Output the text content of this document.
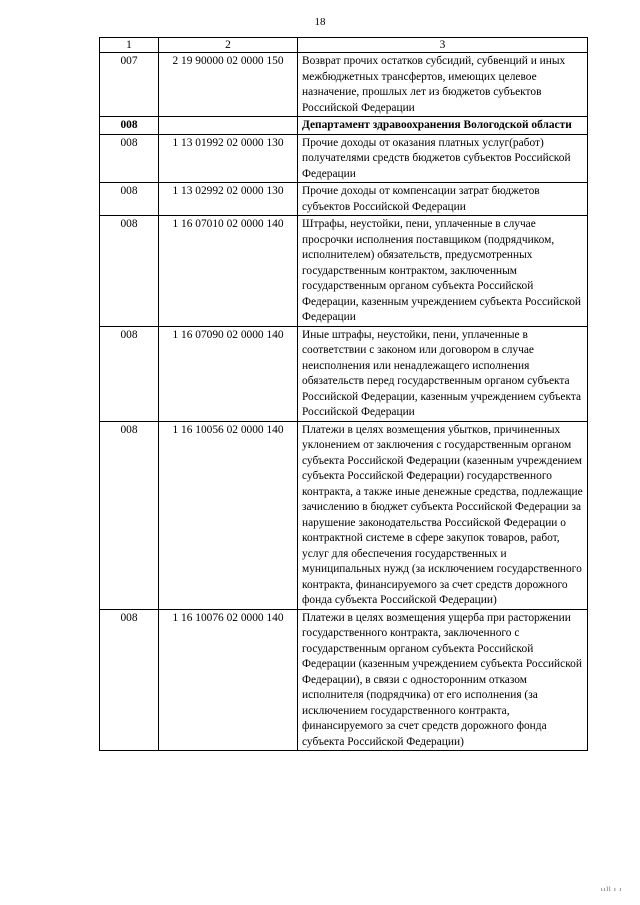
18
1	2	3
007	2 19 90000 02 0000 150	Возврат прочих остатков субсидий, субвенций и иных межбюджетных трансфертов, имеющих целевое назначение, прошлых лет из бюджетов субъектов Российской Федерации
008		Департамент здравоохранения Вологодской области
008	1 13 01992 02 0000 130	Прочие доходы от оказания платных услуг(работ) получателями средств бюджетов субъектов Российской Федерации
008	1 13 02992 02 0000 130	Прочие доходы от компенсации затрат бюджетов субъектов Российской Федерации
008	1 16 07010 02 0000 140	Штрафы, неустойки, пени, уплаченные в случае просрочки исполнения поставщиком (подрядчиком, исполнителем) обязательств, предусмотренных государственным контрактом, заключенным государственным органом субъекта Российской Федерации, казенным учреждением субъекта Российской Федерации
008	1 16 07090 02 0000 140	Иные штрафы, неустойки, пени, уплаченные в соответствии с законом или договором в случае неисполнения или ненадлежащего исполнения обязательств перед государственным органом субъекта Российской Федерации, казенным учреждением субъекта Российской Федерации
008	1 16 10056 02 0000 140	Платежи в целях возмещения убытков, причиненных уклонением от заключения с государственным органом субъекта Российской Федерации (казенным учреждением субъекта Российской Федерации) государственного контракта, а также иные денежные средства, подлежащие зачислению в бюджет субъекта Российской Федерации за нарушение законодательства Российской Федерации о контрактной системе в сфере закупок товаров, работ, услуг для обеспечения государственных и муниципальных нужд (за исключением государственного контракта, финансируемого за счет средств дорожного фонда субъекта Российской Федерации)
008	1 16 10076 02 0000 140	Платежи в целях возмещения ущерба при расторжении государственного контракта, заключенного с государственным органом субъекта Российской Федерации (казенным учреждением субъекта Российской Федерации), в связи с односторонним отказом исполнителя (подрядчика) от его исполнения (за исключением государственного контракта, финансируемого за счет средств дорожного фонда субъекта Российской Федерации)
ııll ı ı
